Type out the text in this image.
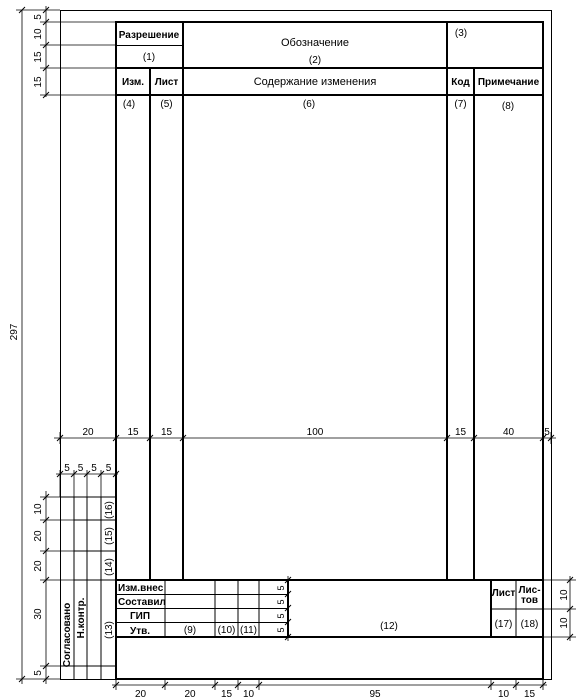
Разрешение
(1)
Обозначение
(2)
(3)
Изм. Лист	Содержание изменения	Код Примечание
(4)	(5)	(6)	(7)	(8)
Изм.внес
Составил
ГИП
Утв.	(9) (10) (11)	(12)
Лист Лис-
тов
(17) (18)
Согласовано Н.контр.
(16)
(15)
(14)
(13)
297
5
10
15
15
20	15 15	100	15	40	5
5 5 5 5
10
20
20
30
5
5
5
5
5
10
10
20	20	15 10	95	10 15
